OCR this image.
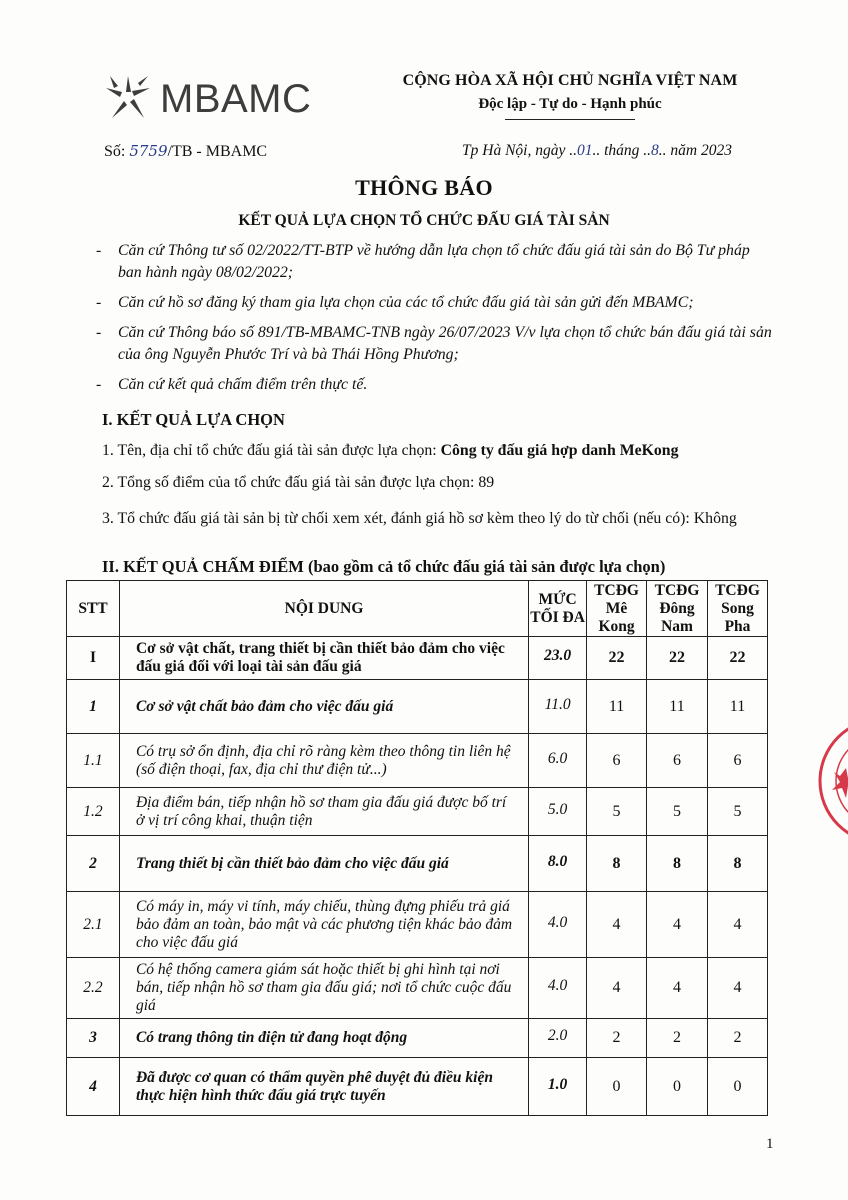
MBAMC	CỘNG HÒA XÃ HỘI CHỦ NGHĨA VIỆT NAM
Độc lập - Tự do - Hạnh phúc
Số: 5759/TB - MBAMC	Tp Hà Nội, ngày ..01.. tháng ..8.. năm 2023
THÔNG BÁO
KẾT QUẢ LỰA CHỌN TỔ CHỨC ĐẤU GIÁ TÀI SẢN
-	Căn cứ Thông tư số 02/2022/TT-BTP về hướng dẫn lựa chọn tổ chức đấu giá tài sản do Bộ Tư pháp ban hành ngày 08/02/2022;
-	Căn cứ hồ sơ đăng ký tham gia lựa chọn của các tổ chức đấu giá tài sản gửi đến MBAMC;
-	Căn cứ Thông báo số 891/TB-MBAMC-TNB ngày 26/07/2023 V/v lựa chọn tổ chức bán đấu giá tài sản của ông Nguyễn Phước Trí và bà Thái Hồng Phương;
-	Căn cứ kết quả chấm điểm trên thực tế.
I. KẾT QUẢ LỰA CHỌN
1. Tên, địa chỉ tổ chức đấu giá tài sản được lựa chọn: Công ty đấu giá hợp danh MeKong
2. Tổng số điểm của tổ chức đấu giá tài sản được lựa chọn: 89
3. Tổ chức đấu giá tài sản bị từ chối xem xét, đánh giá hồ sơ kèm theo lý do từ chối (nếu có): Không
II. KẾT QUẢ CHẤM ĐIỂM (bao gồm cả tổ chức đấu giá tài sản được lựa chọn)
STT	NỘI DUNG	MỨC TỐI ĐA	TCĐG Mê Kong	TCĐG Đông Nam	TCĐG Song Pha
I	Cơ sở vật chất, trang thiết bị cần thiết bảo đảm cho việc đấu giá đối với loại tài sản đấu giá	23.0	22	22	22
1	Cơ sở vật chất bảo đảm cho việc đấu giá	11.0	11	11	11
1.1	Có trụ sở ổn định, địa chỉ rõ ràng kèm theo thông tin liên hệ (số điện thoại, fax, địa chỉ thư điện tử...)	6.0	6	6	6
1.2	Địa điểm bán, tiếp nhận hồ sơ tham gia đấu giá được bố trí ở vị trí công khai, thuận tiện	5.0	5	5	5
2	Trang thiết bị cần thiết bảo đảm cho việc đấu giá	8.0	8	8	8
2.1	Có máy in, máy vi tính, máy chiếu, thùng đựng phiếu trả giá bảo đảm an toàn, bảo mật và các phương tiện khác bảo đảm cho việc đấu giá	4.0	4	4	4
2.2	Có hệ thống camera giám sát hoặc thiết bị ghi hình tại nơi bán, tiếp nhận hồ sơ tham gia đấu giá; nơi tổ chức cuộc đấu giá	4.0	4	4	4
3	Có trang thông tin điện tử đang hoạt động	2.0	2	2	2
4	Đã được cơ quan có thẩm quyền phê duyệt đủ điều kiện thực hiện hình thức đấu giá trực tuyến	1.0	0	0	0
1
